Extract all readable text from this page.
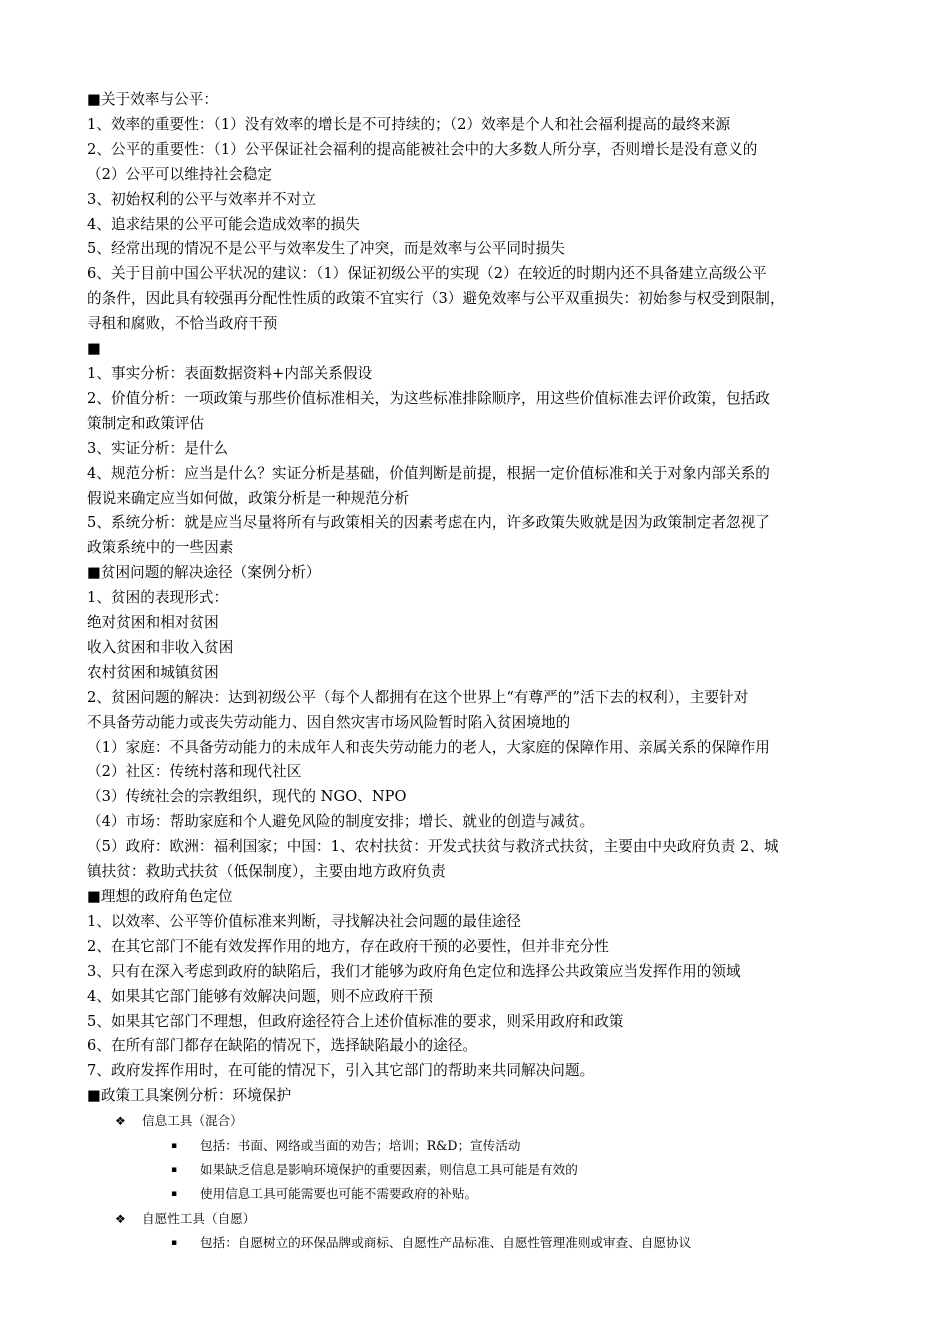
■关于效率与公平：
1、效率的重要性：（1）没有效率的增长是不可持续的；（2）效率是个人和社会福利提高的最终来源
2、公平的重要性：（1）公平保证社会福利的提高能被社会中的大多数人所分享，否则增长是没有意义的
（2）公平可以维持社会稳定
3、初始权利的公平与效率并不对立
4、追求结果的公平可能会造成效率的损失
5、经常出现的情况不是公平与效率发生了冲突，而是效率与公平同时损失
6、关于目前中国公平状况的建议：（1）保证初级公平的实现（2）在较近的时期内还不具备建立高级公平
的条件，因此具有较强再分配性性质的政策不宜实行（3）避免效率与公平双重损失：初始参与权受到限制，
寻租和腐败，不恰当政府干预
■
1、事实分析：表面数据资料+内部关系假设
2、价值分析：一项政策与那些价值标准相关，为这些标准排除顺序，用这些价值标准去评价政策，包括政
策制定和政策评估
3、实证分析：是什么
4、规范分析：应当是什么？实证分析是基础，价值判断是前提，根据一定价值标准和关于对象内部关系的
假说来确定应当如何做，政策分析是一种规范分析
5、系统分析：就是应当尽量将所有与政策相关的因素考虑在内，许多政策失败就是因为政策制定者忽视了
政策系统中的一些因素
■贫困问题的解决途径（案例分析）
1、贫困的表现形式：
绝对贫困和相对贫困
收入贫困和非收入贫困
农村贫困和城镇贫困
2、贫困问题的解决：达到初级公平（每个人都拥有在这个世界上“有尊严的”活下去的权利），主要针对
不具备劳动能力或丧失劳动能力、因自然灾害市场风险暂时陷入贫困境地的
（1）家庭：不具备劳动能力的未成年人和丧失劳动能力的老人，大家庭的保障作用、亲属关系的保障作用
（2）社区：传统村落和现代社区
（3）传统社会的宗教组织，现代的 NGO、NPO
（4）市场：帮助家庭和个人避免风险的制度安排；增长、就业的创造与减贫。
（5）政府：欧洲：福利国家；中国：1、农村扶贫：开发式扶贫与救济式扶贫，主要由中央政府负责 2、城
镇扶贫：救助式扶贫（低保制度），主要由地方政府负责
■理想的政府角色定位
1、以效率、公平等价值标准来判断，寻找解决社会问题的最佳途径
2、在其它部门不能有效发挥作用的地方，存在政府干预的必要性，但并非充分性
3、只有在深入考虑到政府的缺陷后，我们才能够为政府角色定位和选择公共政策应当发挥作用的领域
4、如果其它部门能够有效解决问题，则不应政府干预
5、如果其它部门不理想，但政府途径符合上述价值标准的要求，则采用政府和政策
6、在所有部门都存在缺陷的情况下，选择缺陷最小的途径。
7、政府发挥作用时，在可能的情况下，引入其它部门的帮助来共同解决问题。
■政策工具案例分析：环境保护
❖ 信息工具（混合）
▪ 包括：书面、网络或当面的劝告；培训；R&D；宣传活动
▪ 如果缺乏信息是影响环境保护的重要因素，则信息工具可能是有效的
▪ 使用信息工具可能需要也可能不需要政府的补贴。
❖ 自愿性工具（自愿）
▪ 包括：自愿树立的环保品牌或商标、自愿性产品标准、自愿性管理准则或审查、自愿协议
